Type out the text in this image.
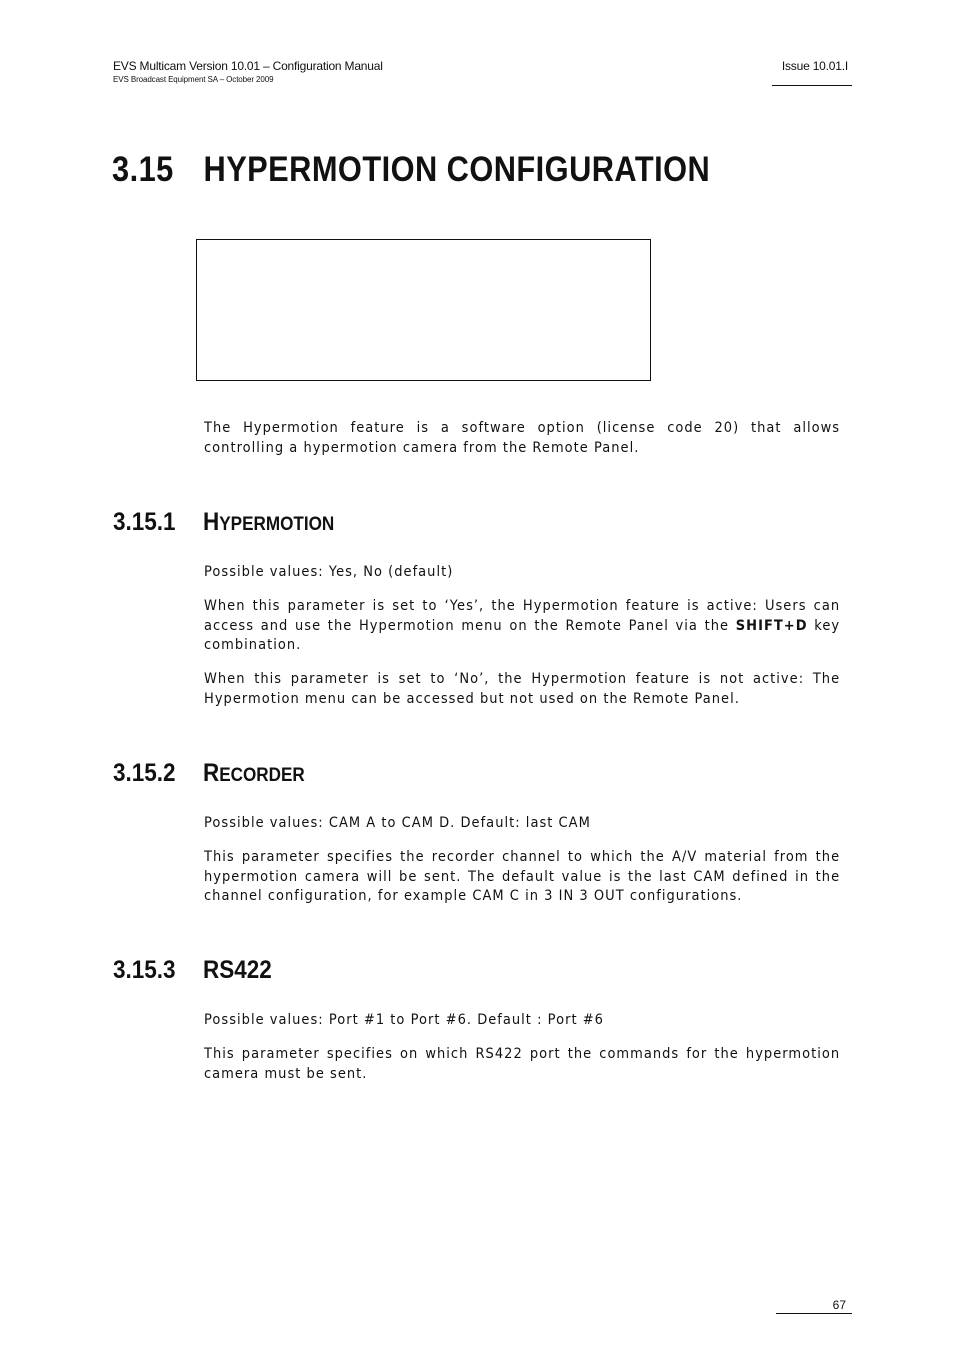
EVS Multicam Version 10.01 – Configuration Manual
EVS Broadcast Equipment SA – October 2009
Issue 10.01.I
3.15 HYPERMOTION CONFIGURATION

The Hypermotion feature is a software option (license code 20) that allows controlling a hypermotion camera from the Remote Panel.

3.15.1 HYPERMOTION

Possible values: Yes, No (default)

When this parameter is set to ‘Yes’, the Hypermotion feature is active: Users can access and use the Hypermotion menu on the Remote Panel via the SHIFT+D key combination.

When this parameter is set to ‘No’, the Hypermotion feature is not active: The Hypermotion menu can be accessed but not used on the Remote Panel.

3.15.2 RECORDER

Possible values: CAM A to CAM D. Default: last CAM

This parameter specifies the recorder channel to which the A/V material from the hypermotion camera will be sent. The default value is the last CAM defined in the channel configuration, for example CAM C in 3 IN 3 OUT configurations.

3.15.3 RS422

Possible values: Port #1 to Port #6. Default : Port #6

This parameter specifies on which RS422 port the commands for the hypermotion camera must be sent.

67
